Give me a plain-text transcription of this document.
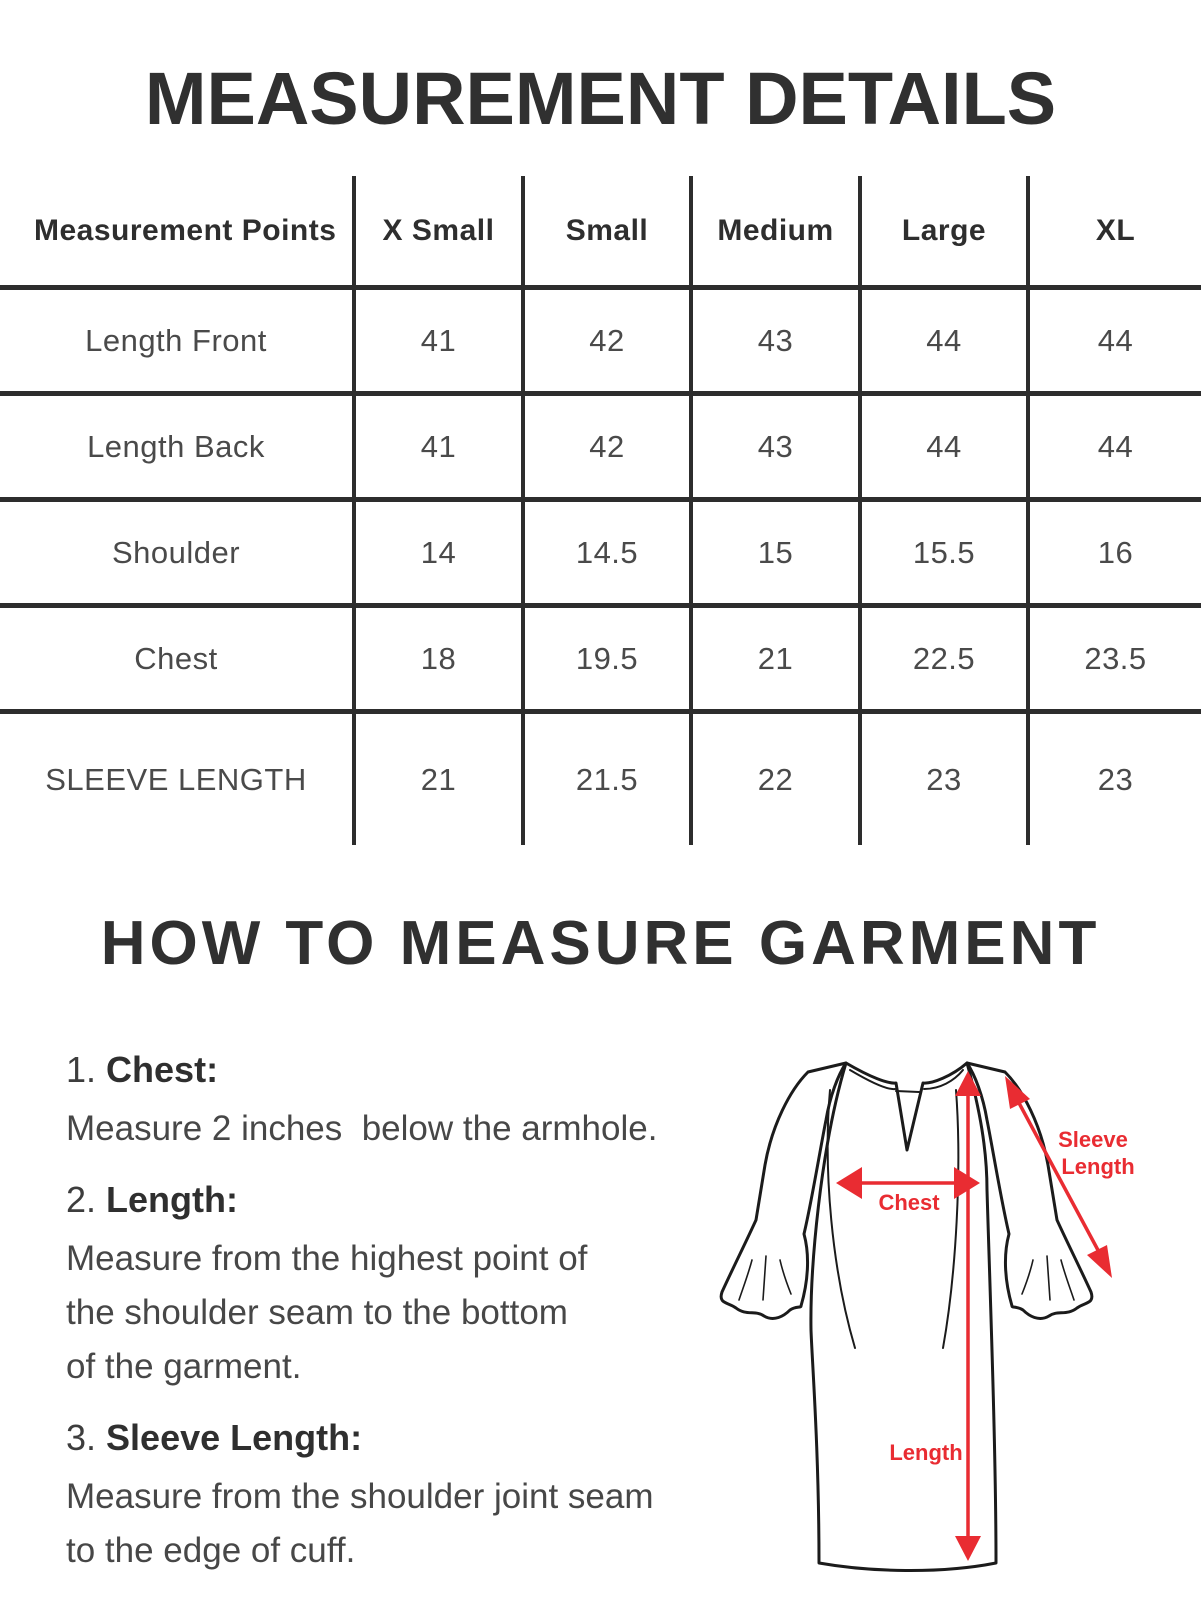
MEASUREMENT DETAILS
Measurement Points	X Small	Small	Medium	Large	XL
Length Front	41	42	43	44	44
Length Back	41	42	43	44	44
Shoulder	14	14.5	15	15.5	16
Chest	18	19.5	21	22.5	23.5
SLEEVE LENGTH	21	21.5	22	23	23
HOW TO MEASURE GARMENT
1. Chest:
Measure 2 inches  below the armhole.
2. Length:
Measure from the highest point of
the shoulder seam to the bottom
of the garment.
3. Sleeve Length:
Measure from the shoulder joint seam
to the edge of cuff.
Chest
Sleeve
Length
Length
